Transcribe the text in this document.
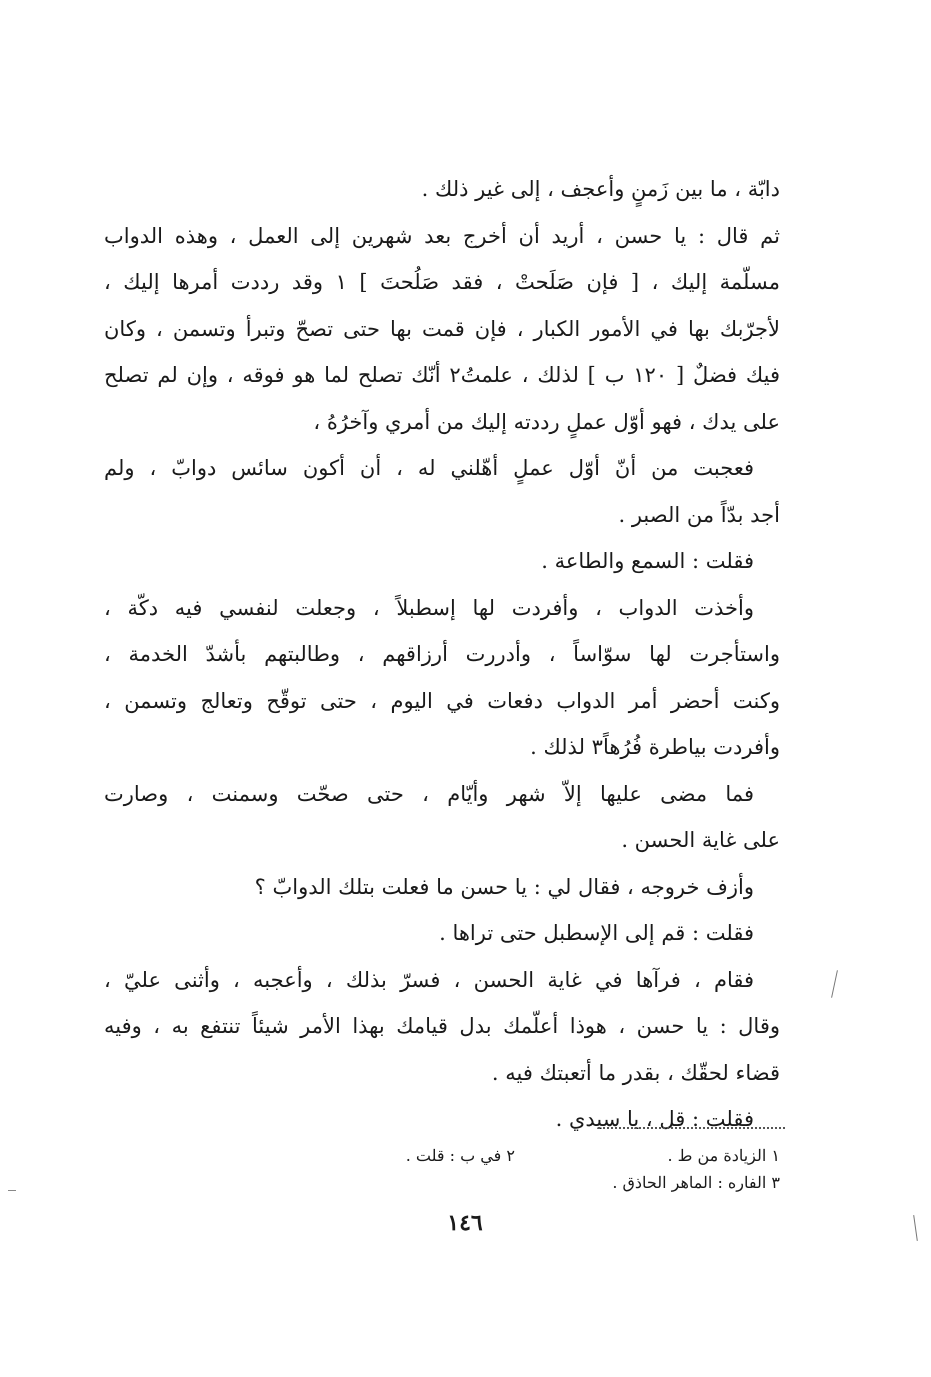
دابّة ، ما بين زَمنٍ وأعجف ، إلى غير ذلك .
ثم قال : يا حسن ، أريد أن أخرج بعد شهرين إلى العمل ، وهذه الدواب
مسلّمة إليك ، [ فإن صَلَحتْ ، فقد صَلُحتَ ] ١ وقد رددت أمرها إليك ،
لأجرّبك بها في الأمور الكبار ، فإن قمت بها حتى تصحّ وتبرأ وتسمن ، وكان
فيك فضلٌ [ ١٢٠ ب ] لذلك ، علمتُ٢ أنّك تصلح لما هو فوقه ، وإن لم تصلح
على يدك ، فهو أوّل عملٍ رددته إليك من أمري وآخرُهُ ،
فعجبت من أنّ أوّل عملٍ أهّلني له ، أن أكون سائس دوابّ ، ولم
أجد بدّاً من الصبر .
فقلت : السمع والطاعة .
وأخذت الدواب ، وأفردت لها إسطبلاً ، وجعلت لنفسي فيه دكّة ،
واستأجرت لها سوّاساً ، وأدررت أرزاقهم ، وطالبتهم بأشدّ الخدمة ،
وكنت أحضر أمر الدواب دفعات في اليوم ، حتى توقّح وتعالج وتسمن ،
وأفردت بياطرة فُرُهاً٣ لذلك .
فما مضى عليها إلاّ شهر وأيّام ، حتى صحّت وسمنت ، وصارت
على غاية الحسن .
وأزف خروجه ، فقال لي : يا حسن ما فعلت بتلك الدوابّ ؟
فقلت : قم إلى الإسطبل حتى تراها .
فقام ، فرآها في غاية الحسن ، فسرّ بذلك ، وأعجبه ، وأثنى عليّ ،
وقال : يا حسن ، هوذا أعلّمك بدل قيامك بهذا الأمر شيئاً تنتفع به ، وفيه
قضاء لحقّك ، بقدر ما أتعبتك فيه .
فقلت : قل ، يا سيدي .
١ الزيادة من ط . ٢ في ب : قلت .
٣ الفاره : الماهر الحاذق .
١٤٦
